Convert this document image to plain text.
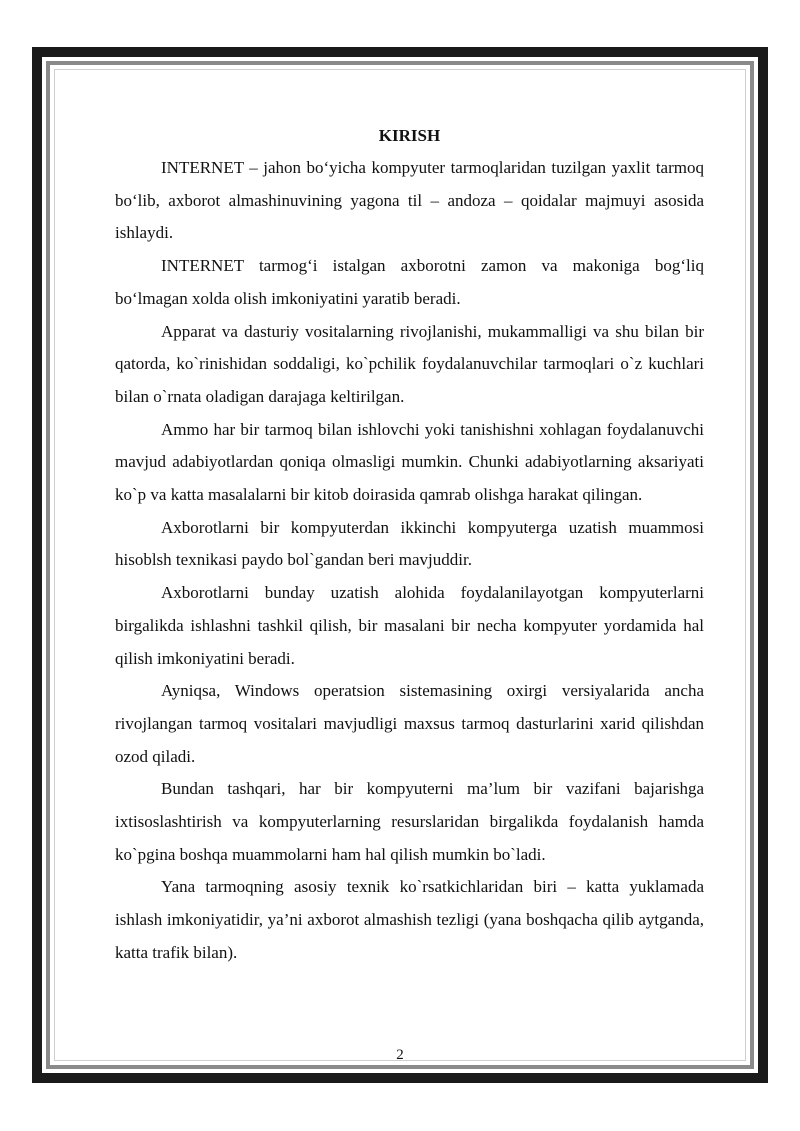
KIRISH

INTERNET – jahon bo‘yicha kompyuter tarmoqlaridan tuzilgan yaxlit tarmoq bo‘lib, axborot almashinuvining yagona til – andoza – qoidalar majmuyi asosida ishlaydi.

INTERNET tarmog‘i istalgan axborotni zamon va makoniga bog‘liq bo‘lmagan xolda olish imkoniyatini yaratib beradi.

Apparat va dasturiy vositalarning rivojlanishi, mukammalligi va shu bilan bir qatorda, ko`rinishidan soddaligi, ko`pchilik foydalanuvchilar tarmoqlari o`z kuchlari bilan o`rnata oladigan darajaga keltirilgan.

Ammo har bir tarmoq bilan ishlovchi yoki tanishishni xohlagan foydalanuvchi mavjud adabiyotlardan qoniqa olmasligi mumkin. Chunki adabiyotlarning aksariyati ko`p va katta masalalarni bir kitob doirasida qamrab olishga harakat qilingan.

Axborotlarni bir kompyuterdan ikkinchi kompyuterga uzatish muammosi hisoblsh texnikasi paydo bol`gandan beri mavjuddir.

Axborotlarni bunday uzatish alohida foydalanilayotgan kompyuterlarni birgalikda ishlashni tashkil qilish, bir masalani bir necha kompyuter yordamida hal qilish imkoniyatini beradi.

Ayniqsa, Windows operatsion sistemasining oxirgi versiyalarida ancha rivojlangan tarmoq vositalari mavjudligi maxsus tarmoq dasturlarini xarid qilishdan ozod qiladi.

Bundan tashqari, har bir kompyuterni ma’lum bir vazifani bajarishga ixtisoslashtirish va kompyuterlarning resurslaridan birgalikda foydalanish hamda ko`pgina boshqa muammolarni ham hal qilish mumkin bo`ladi.

Yana tarmoqning asosiy texnik ko`rsatkichlaridan biri – katta yuklamada ishlash imkoniyatidir, ya’ni axborot almashish tezligi (yana boshqacha qilib aytganda, katta trafik bilan).

2
